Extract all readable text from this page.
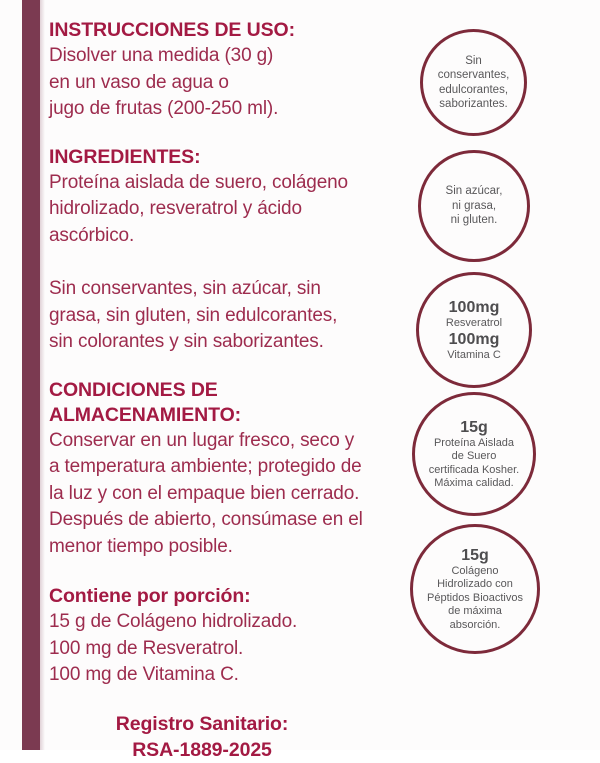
INSTRUCCIONES DE USO:

Disolver una medida (30 g)
en un vaso de agua o
jugo de frutas (200-250 ml).

INGREDIENTES:

Proteína aislada de suero, colágeno
hidrolizado, resveratrol y ácido
ascórbico.

Sin conservantes, sin azúcar, sin
grasa, sin gluten, sin edulcorantes,
sin colorantes y sin saborizantes.

CONDICIONES DE ALMACENAMIENTO:

Conservar en un lugar fresco, seco y
a temperatura ambiente; protegido de
la luz y con el empaque bien cerrado.
Después de abierto, consúmase en el
menor tiempo posible.

Contiene por porción:

15 g de Colágeno hidrolizado.
100 mg de Resveratrol.
100 mg de Vitamina C.

Registro Sanitario:
RSA-1889-2025
Sin
conservantes,
edulcorantes,
saborizantes.
Sin azúcar,
ni grasa,
ni gluten.
100mg
Resveratrol
100mg
Vitamina C
15g
Proteína Aislada
de Suero
certificada Kosher.
Máxima calidad.
15g
Colágeno
Hidrolizado con
Péptidos Bioactivos
de máxima
absorción.
